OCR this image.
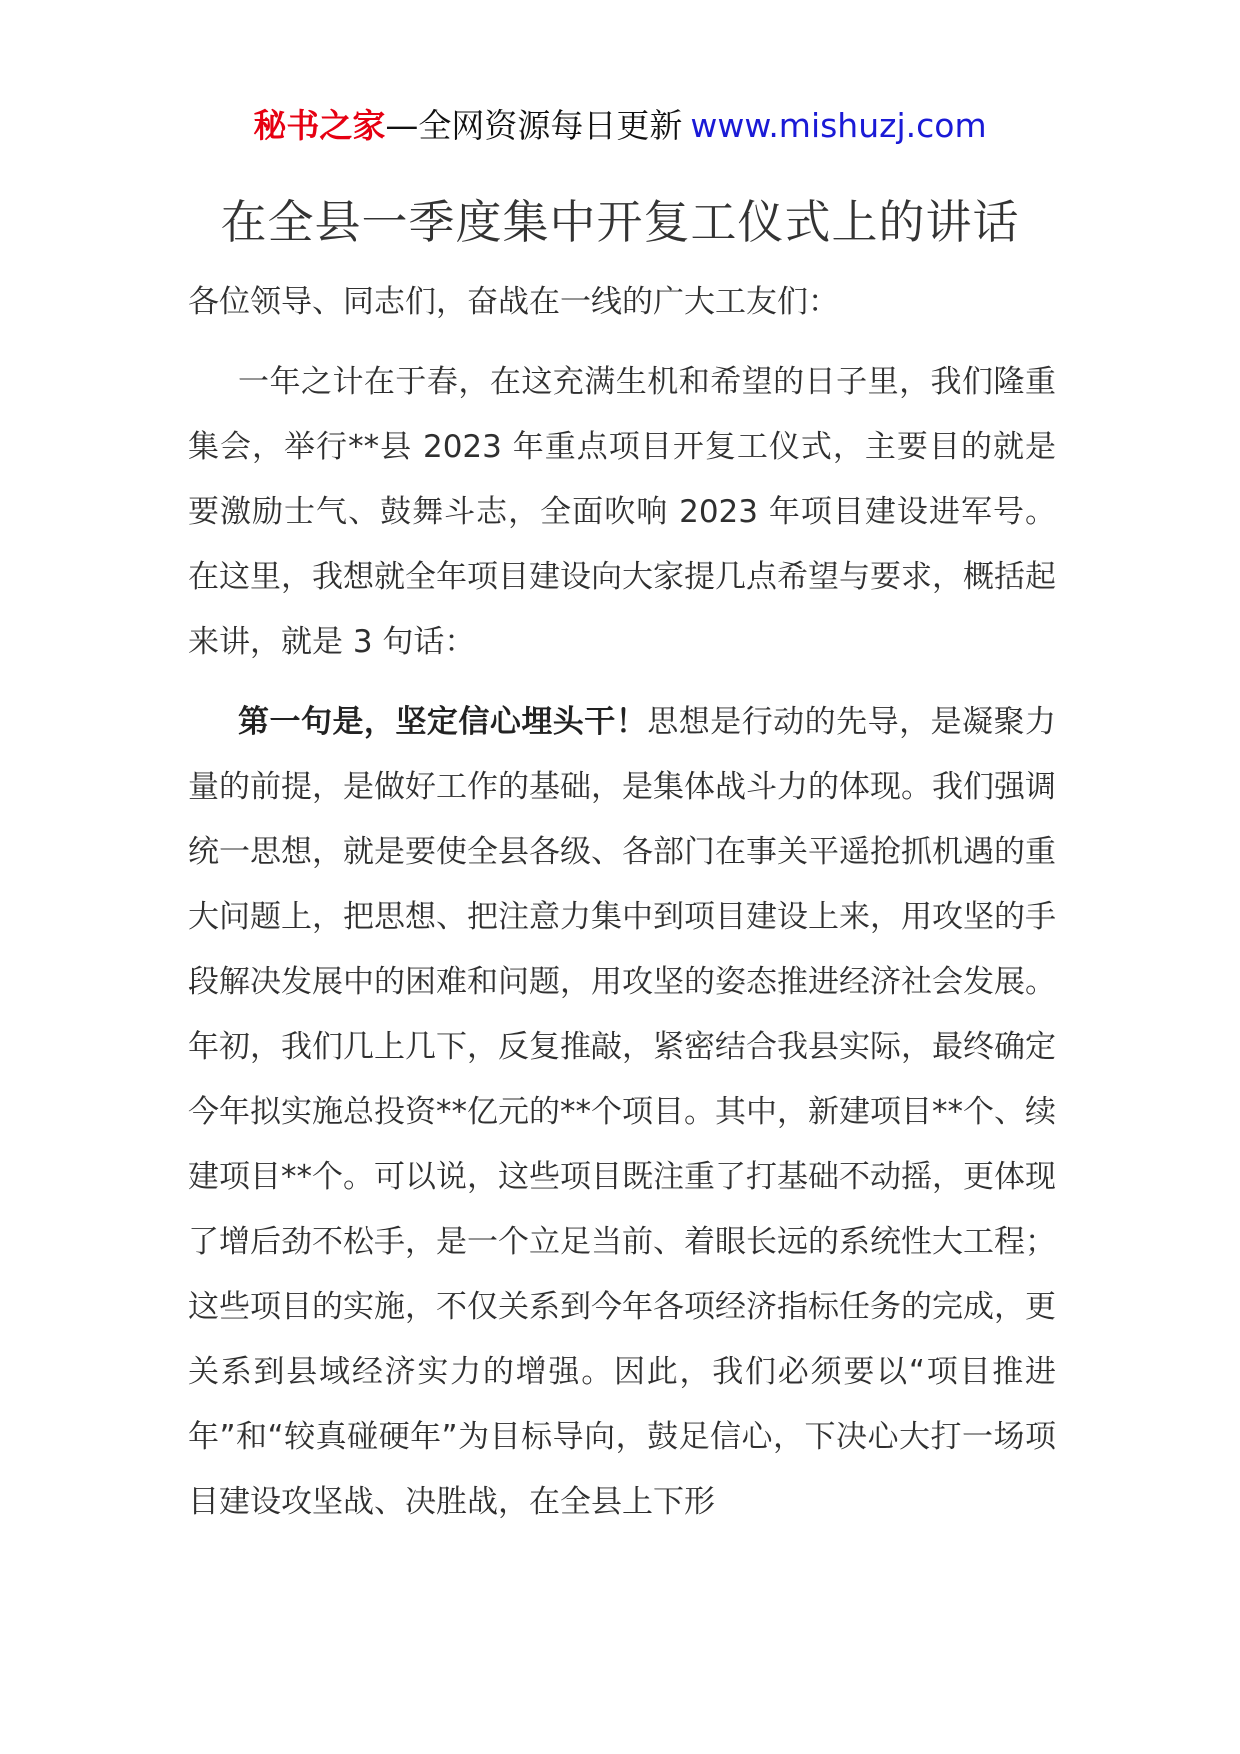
秘书之家—全网资源每日更新 www.mishuzj.com
在全县一季度集中开复工仪式上的讲话

各位领导、同志们，奋战在一线的广大工友们：

一年之计在于春，在这充满生机和希望的日子里，我们隆重集会，举行**县 2023 年重点项目开复工仪式，主要目的就是要激励士气、鼓舞斗志，全面吹响 2023 年项目建设进军号。在这里，我想就全年项目建设向大家提几点希望与要求，概括起来讲，就是 3 句话：

第一句是，坚定信心埋头干！思想是行动的先导，是凝聚力量的前提，是做好工作的基础，是集体战斗力的体现。我们强调统一思想，就是要使全县各级、各部门在事关平遥抢抓机遇的重大问题上，把思想、把注意力集中到项目建设上来，用攻坚的手段解决发展中的困难和问题，用攻坚的姿态推进经济社会发展。年初，我们几上几下，反复推敲，紧密结合我县实际，最终确定今年拟实施总投资**亿元的**个项目。其中，新建项目**个、续建项目**个。可以说，这些项目既注重了打基础不动摇，更体现了增后劲不松手，是一个立足当前、着眼长远的系统性大工程；这些项目的实施，不仅关系到今年各项经济指标任务的完成，更关系到县域经济实力的增强。因此，我们必须要以“项目推进年”和“较真碰硬年”为目标导向，鼓足信心，下决心大打一场项目建设攻坚战、决胜战，在全县上下形
